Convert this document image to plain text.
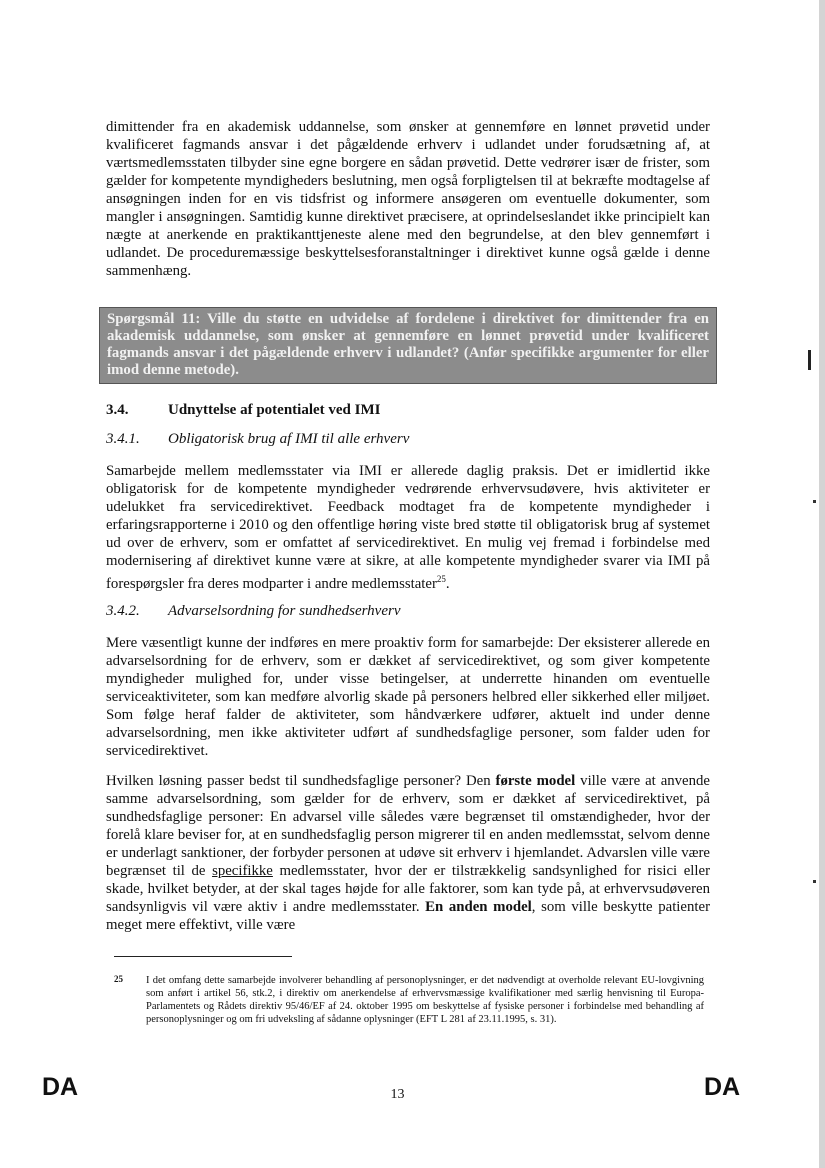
dimittender fra en akademisk uddannelse, som ønsker at gennemføre en lønnet prøvetid under kvalificeret fagmands ansvar i det pågældende erhverv i udlandet under forudsætning af, at værtsmedlemsstaten tilbyder sine egne borgere en sådan prøvetid. Dette vedrører især de frister, som gælder for kompetente myndigheders beslutning, men også forpligtelsen til at bekræfte modtagelse af ansøgningen inden for en vis tidsfrist og informere ansøgeren om eventuelle dokumenter, som mangler i ansøgningen. Samtidig kunne direktivet præcisere, at oprindelseslandet ikke principielt kan nægte at anerkende en praktikanttjeneste alene med den begrundelse, at den blev gennemført i udlandet. De proceduremæssige beskyttelsesforanstaltninger i direktivet kunne også gælde i denne sammenhæng.

Spørgsmål 11: Ville du støtte en udvidelse af fordelene i direktivet for dimittender fra en akademisk uddannelse, som ønsker at gennemføre en lønnet prøvetid under kvalificeret fagmands ansvar i det pågældende erhverv i udlandet? (Anfør specifikke argumenter for eller imod denne metode).
3.4.	Udnyttelse af potentialet ved IMI
3.4.1.	Obligatorisk brug af IMI til alle erhverv

Samarbejde mellem medlemsstater via IMI er allerede daglig praksis. Det er imidlertid ikke obligatorisk for de kompetente myndigheder vedrørende erhvervsudøvere, hvis aktiviteter er udelukket fra servicedirektivet. Feedback modtaget fra de kompetente myndigheder i erfaringsrapporterne i 2010 og den offentlige høring viste bred støtte til obligatorisk brug af systemet ud over de erhverv, som er omfattet af servicedirektivet. En mulig vej fremad i forbindelse med modernisering af direktivet kunne være at sikre, at alle kompetente myndigheder svarer via IMI på forespørgsler fra deres modparter i andre medlemsstater$^{25}$.

3.4.2.	Advarselsordning for sundhedserhverv

Mere væsentligt kunne der indføres en mere proaktiv form for samarbejde: Der eksisterer allerede en advarselsordning for de erhverv, som er dækket af servicedirektivet, og som giver kompetente myndigheder mulighed for, under visse betingelser, at underrette hinanden om eventuelle serviceaktiviteter, som kan medføre alvorlig skade på personers helbred eller sikkerhed eller miljøet. Som følge heraf falder de aktiviteter, som håndværkere udfører, aktuelt ind under denne advarselsordning, men ikke aktiviteter udført af sundhedsfaglige personer, som falder uden for servicedirektivet.

Hvilken løsning passer bedst til sundhedsfaglige personer? Den første model ville være at anvende samme advarselsordning, som gælder for de erhverv, som er dækket af servicedirektivet, på sundhedsfaglige personer: En advarsel ville således være begrænset til omstændigheder, hvor der forelå klare beviser for, at en sundhedsfaglig person migrerer til en anden medlemsstat, selvom denne er underlagt sanktioner, der forbyder personen at udøve sit erhverv i hjemlandet. Advarslen ville være begrænset til de specifikke medlemsstater, hvor der er tilstrækkelig sandsynlighed for risici eller skade, hvilket betyder, at der skal tages højde for alle faktorer, som kan tyde på, at erhvervsudøveren sandsynligvis vil være aktiv i andre medlemsstater. En anden model, som ville beskytte patienter meget mere effektivt, ville være

25	I det omfang dette samarbejde involverer behandling af personoplysninger, er det nødvendigt at overholde relevant EU-lovgivning som anført i artikel 56, stk.2, i direktiv om anerkendelse af erhvervsmæssige kvalifikationer med særlig henvisning til Europa-Parlamentets og Rådets direktiv 95/46/EF af 24. oktober 1995 om beskyttelse af fysiske personer i forbindelse med behandling af personoplysninger og om fri udveksling af sådanne oplysninger (EFT L 281 af 23.11.1995, s. 31).
DA	13	DA
